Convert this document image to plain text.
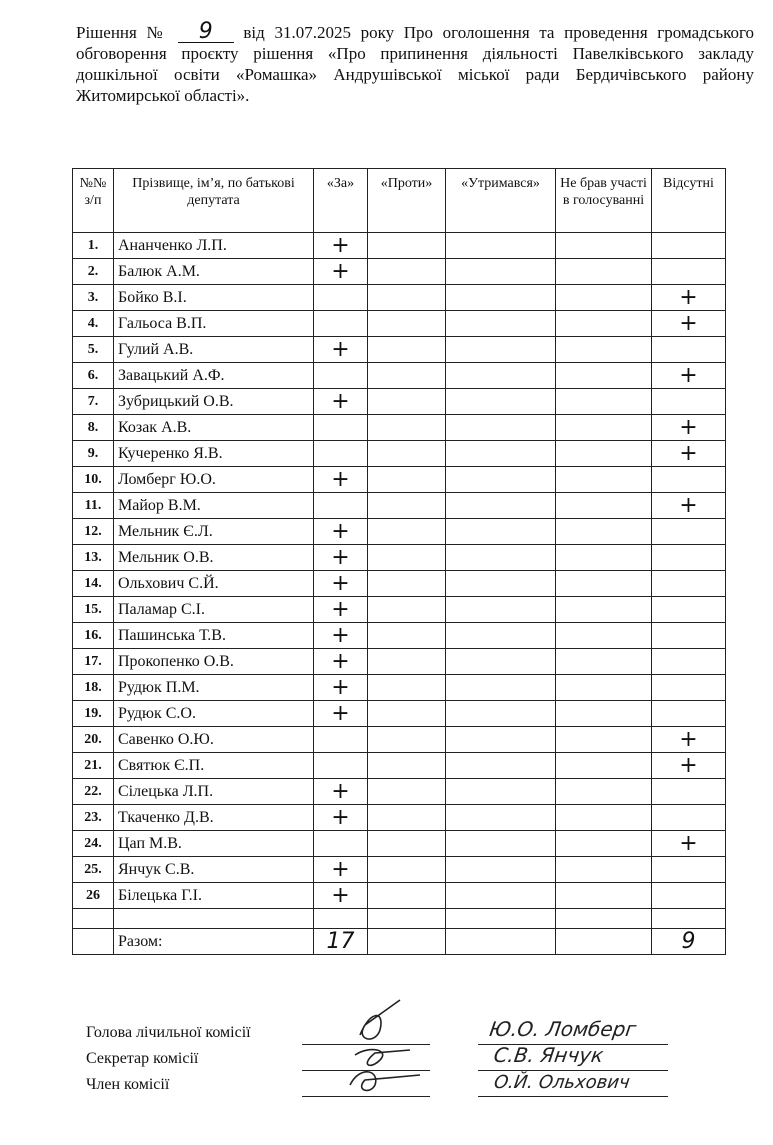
Рішення № 9 від 31.07.2025 року Про оголошення та проведення громадського обговорення проєкту рішення «Про припинення діяльності Павелківського закладу дошкільної освіти «Ромашка» Андрушівської міської ради Бердичівського району Житомирської області».
№№ з/п	Прізвище, ім’я, по батькові депутата	«За»	«Проти»	«Утримався»	Не брав участі в голосуванні	Відсутні
1.	Ананченко Л.П.	+				
2.	Балюк А.М.	+				
3.	Бойко В.І.					+
4.	Гальоса В.П.					+
5.	Гулий А.В.	+				
6.	Завацький А.Ф.					+
7.	Зубрицький О.В.	+				
8.	Козак А.В.					+
9.	Кучеренко Я.В.					+
10.	Ломберг Ю.О.	+				
11.	Майор В.М.					+
12.	Мельник Є.Л.	+				
13.	Мельник О.В.	+				
14.	Ольхович С.Й.	+				
15.	Паламар С.І.	+				
16.	Пашинська Т.В.	+				
17.	Прокопенко О.В.	+				
18.	Рудюк П.М.	+				
19.	Рудюк С.О.	+				
20.	Савенко О.Ю.					+
21.	Святюк Є.П.					+
22.	Сілецька Л.П.	+				
23.	Ткаченко Д.В.	+				
24.	Цап М.В.					+
25.	Янчук С.В.	+				
26	Білецька Г.І.	+				

	Разом:	17				9
Голова лічильної комісії
Секретар комісії
Член комісії
Ю.О. Ломберг
С.В. Янчук
О.Й. Ольхович
